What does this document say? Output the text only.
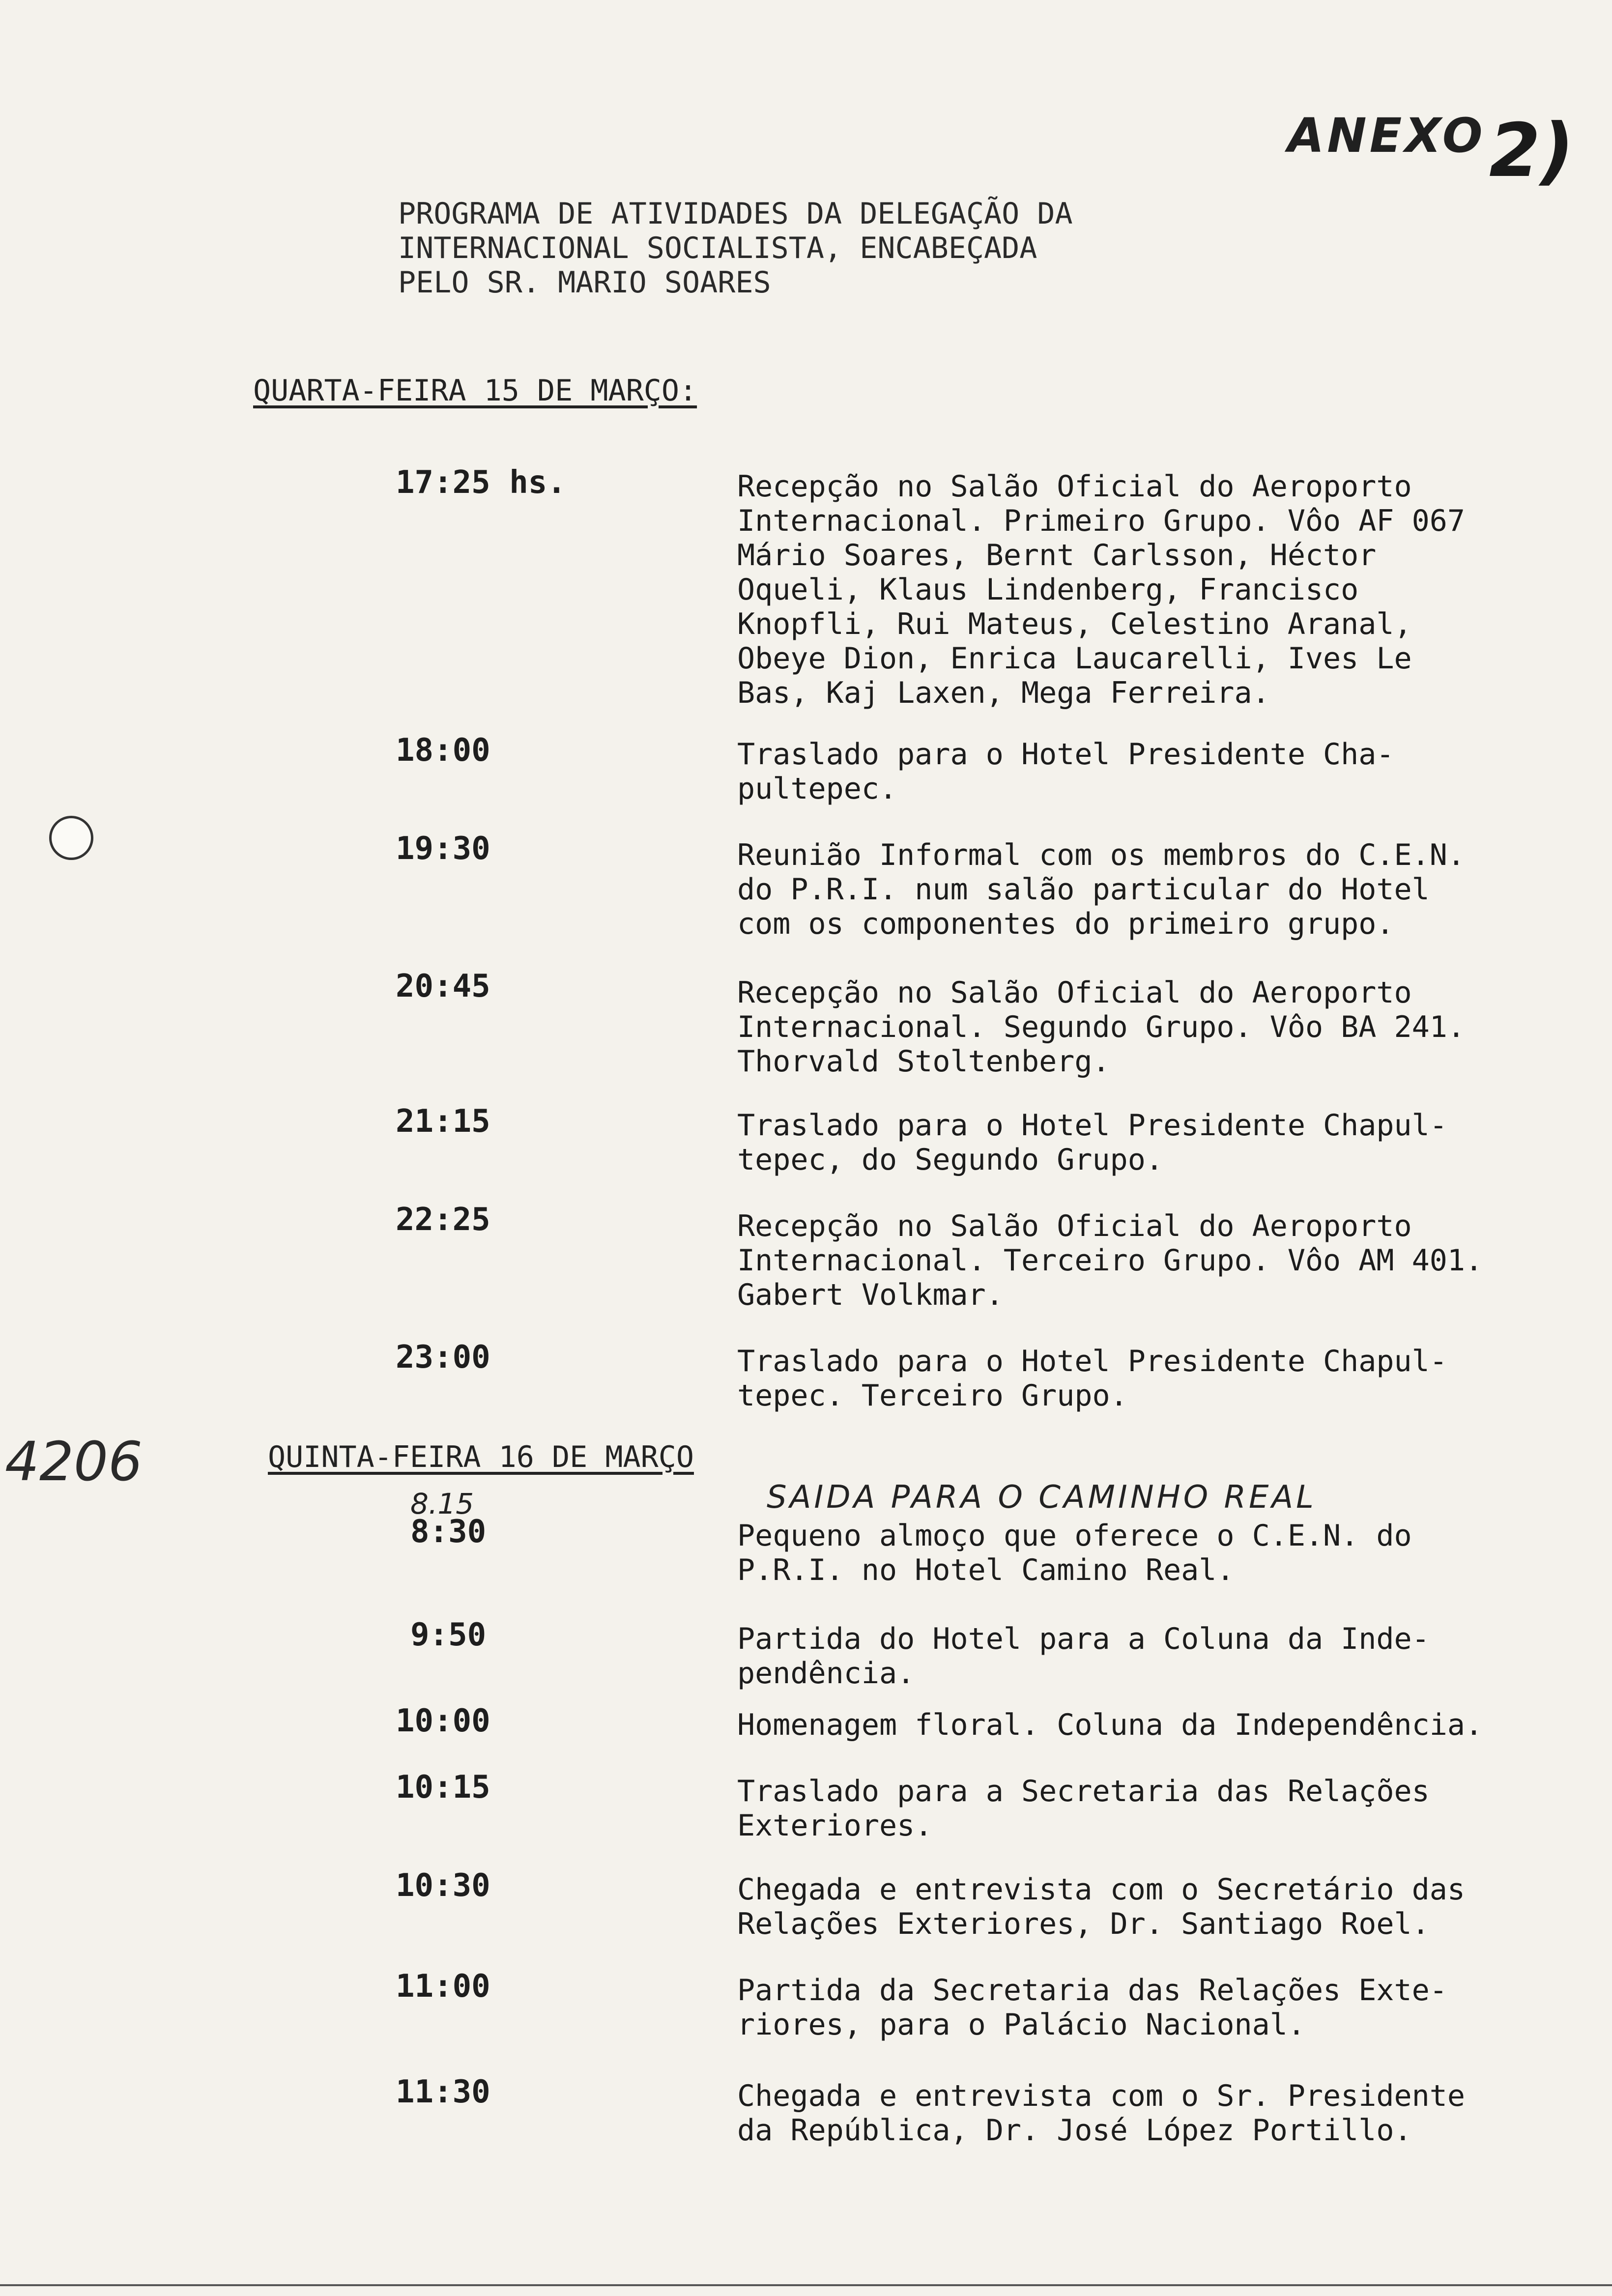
ANEXO 2)
PROGRAMA DE ATIVIDADES DA DELEGAÇÃO DA
INTERNACIONAL SOCIALISTA, ENCABEÇADA
PELO SR. MARIO SOARES
QUARTA-FEIRA 15 DE MARÇO:
17:25 hs.	Recepção no Salão Oficial do Aeroporto
Internacional. Primeiro Grupo. Vôo AF 067
Mário Soares, Bernt Carlsson, Héctor
Oqueli, Klaus Lindenberg, Francisco
Knopfli, Rui Mateus, Celestino Aranal,
Obeye Dion, Enrica Laucarelli, Ives Le
Bas, Kaj Laxen, Mega Ferreira.
18:00	Traslado para o Hotel Presidente Cha-
pultepec.
19:30	Reunião Informal com os membros do C.E.N.
do P.R.I. num salão particular do Hotel
com os componentes do primeiro grupo.
20:45	Recepção no Salão Oficial do Aeroporto
Internacional. Segundo Grupo. Vôo BA 241.
Thorvald Stoltenberg.
21:15	Traslado para o Hotel Presidente Chapul-
tepec, do Segundo Grupo.
22:25	Recepção no Salão Oficial do Aeroporto
Internacional. Terceiro Grupo. Vôo AM 401.
Gabert Volkmar.
23:00	Traslado para o Hotel Presidente Chapul-
tepec. Terceiro Grupo.
QUINTA-FEIRA 16 DE MARÇO
8.15	SAIDA PARA O CAMINHO REAL
8:30	Pequeno almoço que oferece o C.E.N. do
P.R.I. no Hotel Camino Real.
9:50	Partida do Hotel para a Coluna da Inde-
pendência.
10:00	Homenagem floral. Coluna da Independência.
10:15	Traslado para a Secretaria das Relações
Exteriores.
10:30	Chegada e entrevista com o Secretário das
Relações Exteriores, Dr. Santiago Roel.
11:00	Partida da Secretaria das Relações Exte-
riores, para o Palácio Nacional.
11:30	Chegada e entrevista com o Sr. Presidente
da República, Dr. José López Portillo.
4206
